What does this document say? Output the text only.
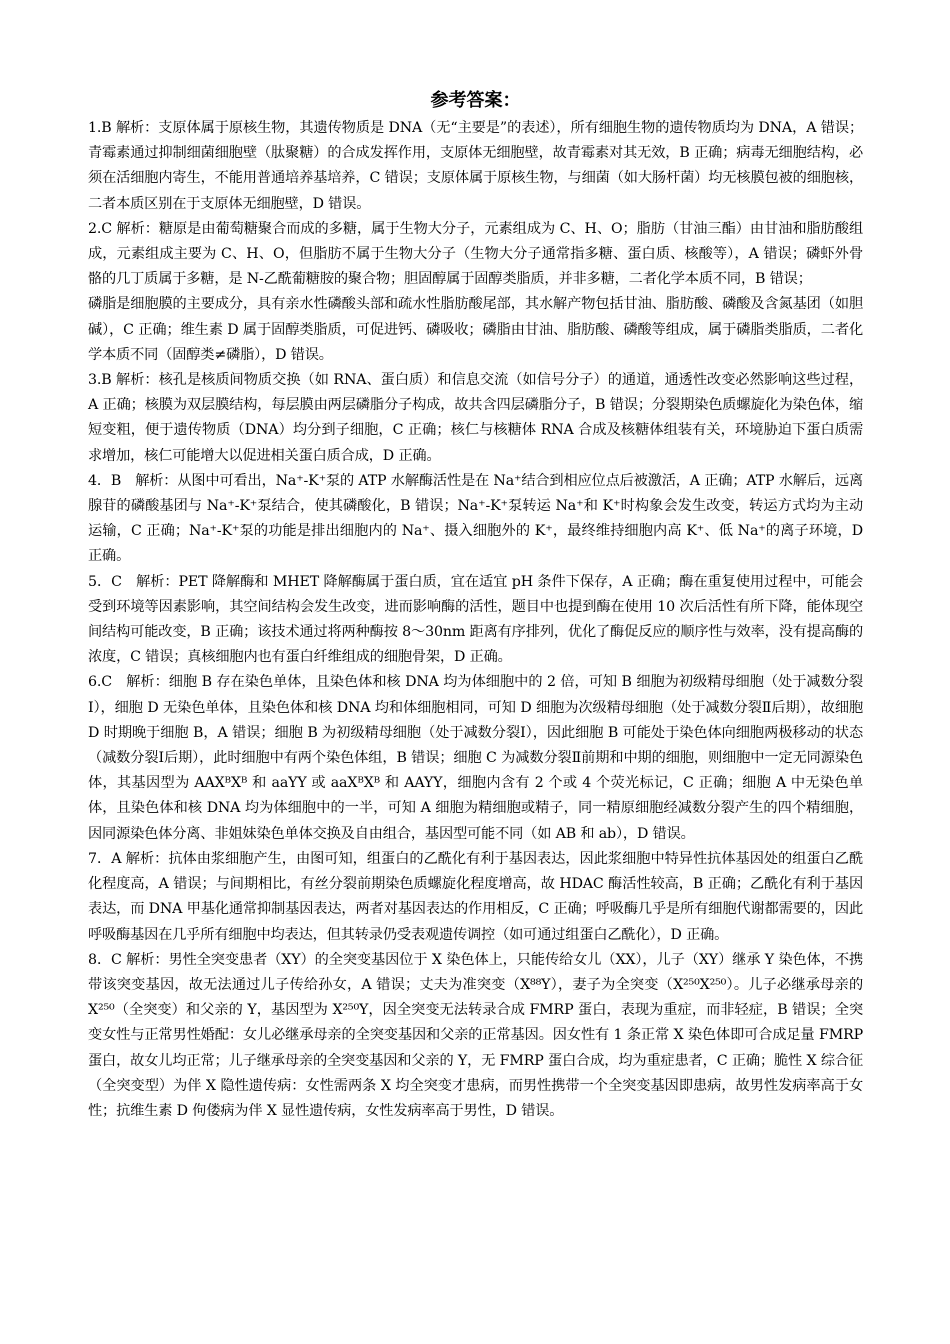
参考答案：

1.B 解析：支原体属于原核生物，其遗传物质是 DNA（无“主要是”的表述），所有细胞生物的遗传物质均为 DNA，A 错误；青霉素通过抑制细菌细胞壁（肽聚糖）的合成发挥作用，支原体无细胞壁，故青霉素对其无效，B 正确；病毒无细胞结构，必须在活细胞内寄生，不能用普通培养基培养，C 错误；支原体属于原核生物，与细菌（如大肠杆菌）均无核膜包被的细胞核，二者本质区别在于支原体无细胞壁，D 错误。

2.C 解析：糖原是由葡萄糖聚合而成的多糖，属于生物大分子，元素组成为 C、H、O；脂肪（甘油三酯）由甘油和脂肪酸组成，元素组成主要为 C、H、O，但脂肪不属于生物大分子（生物大分子通常指多糖、蛋白质、核酸等），A 错误；磷虾外骨骼的几丁质属于多糖，是 N-乙酰葡糖胺的聚合物；胆固醇属于固醇类脂质，并非多糖，二者化学本质不同，B 错误；

磷脂是细胞膜的主要成分，具有亲水性磷酸头部和疏水性脂肪酸尾部，其水解产物包括甘油、脂肪酸、磷酸及含氮基团（如胆碱），C 正确；维生素 D 属于固醇类脂质，可促进钙、磷吸收；磷脂由甘油、脂肪酸、磷酸等组成，属于磷脂类脂质，二者化学本质不同（固醇类≠磷脂），D 错误。

3.B 解析：核孔是核质间物质交换（如 RNA、蛋白质）和信息交流（如信号分子）的通道，通透性改变必然影响这些过程，A 正确；核膜为双层膜结构，每层膜由两层磷脂分子构成，故共含四层磷脂分子，B 错误；分裂期染色质螺旋化为染色体，缩短变粗，便于遗传物质（DNA）均分到子细胞，C 正确；核仁与核糖体 RNA 合成及核糖体组装有关，环境胁迫下蛋白质需求增加，核仁可能增大以促进相关蛋白质合成，D 正确。

4．B　解析：从图中可看出，Na⁺-K⁺泵的 ATP 水解酶活性是在 Na⁺结合到相应位点后被激活，A 正确；ATP 水解后，远离腺苷的磷酸基团与 Na⁺-K⁺泵结合，使其磷酸化，B 错误；Na⁺-K⁺泵转运 Na⁺和 K⁺时构象会发生改变，转运方式均为主动运输，C 正确；Na⁺-K⁺泵的功能是排出细胞内的 Na⁺、摄入细胞外的 K⁺，最终维持细胞内高 K⁺、低 Na⁺的离子环境，D 正确。

5．C　解析：PET 降解酶和 MHET 降解酶属于蛋白质，宜在适宜 pH 条件下保存，A 正确；酶在重复使用过程中，可能会受到环境等因素影响，其空间结构会发生改变，进而影响酶的活性，题目中也提到酶在使用 10 次后活性有所下降，能体现空间结构可能改变，B 正确；该技术通过将两种酶按 8～30nm 距离有序排列，优化了酶促反应的顺序性与效率，没有提高酶的浓度，C 错误；真核细胞内也有蛋白纤维组成的细胞骨架，D 正确。

6.C　解析：细胞 B 存在染色单体，且染色体和核 DNA 均为体细胞中的 2 倍，可知 B 细胞为初级精母细胞（处于减数分裂Ⅰ），细胞 D 无染色单体，且染色体和核 DNA 均和体细胞相同，可知 D 细胞为次级精母细胞（处于减数分裂Ⅱ后期），故细胞 D 时期晚于细胞 B，A 错误；细胞 B 为初级精母细胞（处于减数分裂Ⅰ），因此细胞 B 可能处于染色体向细胞两极移动的状态（减数分裂Ⅰ后期），此时细胞中有两个染色体组，B 错误；细胞 C 为减数分裂Ⅱ前期和中期的细胞，则细胞中一定无同源染色体，其基因型为 AAXᴮXᴮ 和 aaYY 或 aaXᴮXᴮ 和 AAYY，细胞内含有 2 个或 4 个荧光标记，C 正确；细胞 A 中无染色单体，且染色体和核 DNA 均为体细胞中的一半，可知 A 细胞为精细胞或精子，同一精原细胞经减数分裂产生的四个精细胞，因同源染色体分离、非姐妹染色单体交换及自由组合，基因型可能不同（如 AB 和 ab），D 错误。

7．A 解析：抗体由浆细胞产生，由图可知，组蛋白的乙酰化有利于基因表达，因此浆细胞中特异性抗体基因处的组蛋白乙酰化程度高，A 错误；与间期相比，有丝分裂前期染色质螺旋化程度增高，故 HDAC 酶活性较高，B 正确；乙酰化有利于基因表达，而 DNA 甲基化通常抑制基因表达，两者对基因表达的作用相反，C 正确；呼吸酶几乎是所有细胞代谢都需要的，因此呼吸酶基因在几乎所有细胞中均表达，但其转录仍受表观遗传调控（如可通过组蛋白乙酰化），D 正确。

8．C 解析：男性全突变患者（XY）的全突变基因位于 X 染色体上，只能传给女儿（XX），儿子（XY）继承 Y 染色体，不携带该突变基因，故无法通过儿子传给孙女，A 错误；丈夫为准突变（X⁸⁸Y），妻子为全突变（X²⁵⁰X²⁵⁰）。儿子必继承母亲的 X²⁵⁰（全突变）和父亲的 Y，基因型为 X²⁵⁰Y，因全突变无法转录合成 FMRP 蛋白，表现为重症，而非轻症，B 错误；全突变女性与正常男性婚配：女儿必继承母亲的全突变基因和父亲的正常基因。因女性有 1 条正常 X 染色体即可合成足量 FMRP 蛋白，故女儿均正常；儿子继承母亲的全突变基因和父亲的 Y，无 FMRP 蛋白合成，均为重症患者，C 正确；脆性 X 综合征（全突变型）为伴 X 隐性遗传病：女性需两条 X 均全突变才患病，而男性携带一个全突变基因即患病，故男性发病率高于女性；抗维生素 D 佝偻病为伴 X 显性遗传病，女性发病率高于男性，D 错误。
